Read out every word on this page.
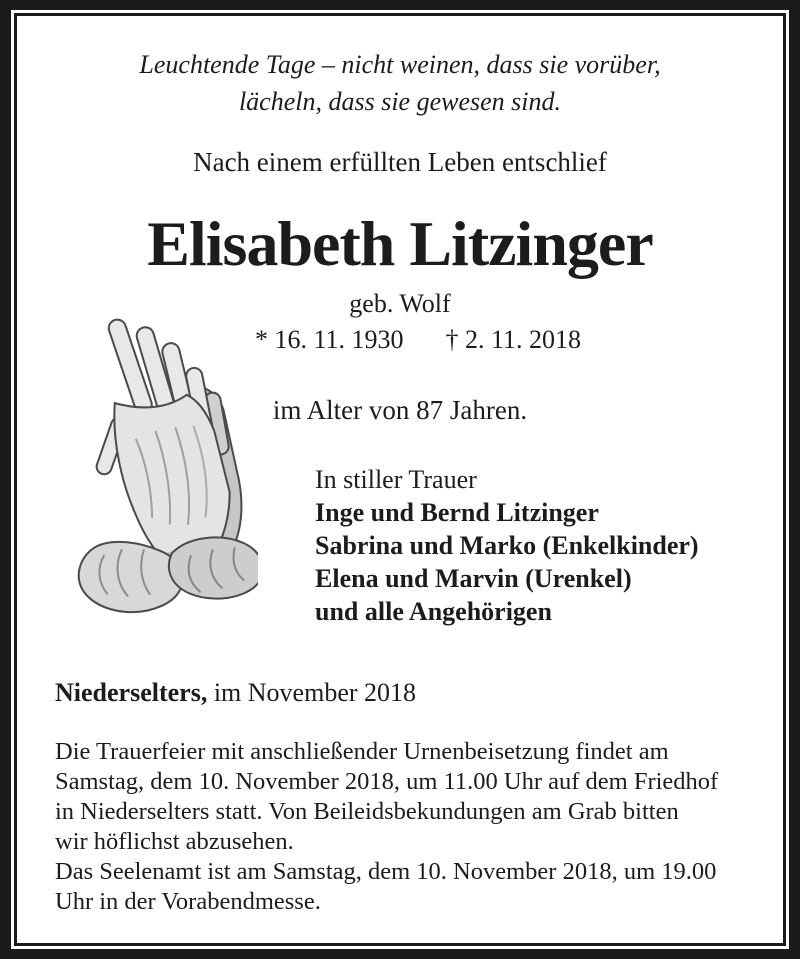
Leuchtende Tage – nicht weinen, dass sie vorüber,
lächeln, dass sie gewesen sind.
Nach einem erfüllten Leben entschlief
Elisabeth Litzinger
geb. Wolf
* 16. 11. 1930 † 2. 11. 2018
im Alter von 87 Jahren.
In stiller Trauer
Inge und Bernd Litzinger
Sabrina und Marko (Enkelkinder)
Elena und Marvin (Urenkel)
und alle Angehörigen
Niederselters, im November 2018
Die Trauerfeier mit anschließender Urnenbeisetzung findet am
Samstag, dem 10. November 2018, um 11.00 Uhr auf dem Friedhof
in Niederselters statt. Von Beileidsbekundungen am Grab bitten
wir höflichst abzusehen.
Das Seelenamt ist am Samstag, dem 10. November 2018, um 19.00
Uhr in der Vorabendmesse.
